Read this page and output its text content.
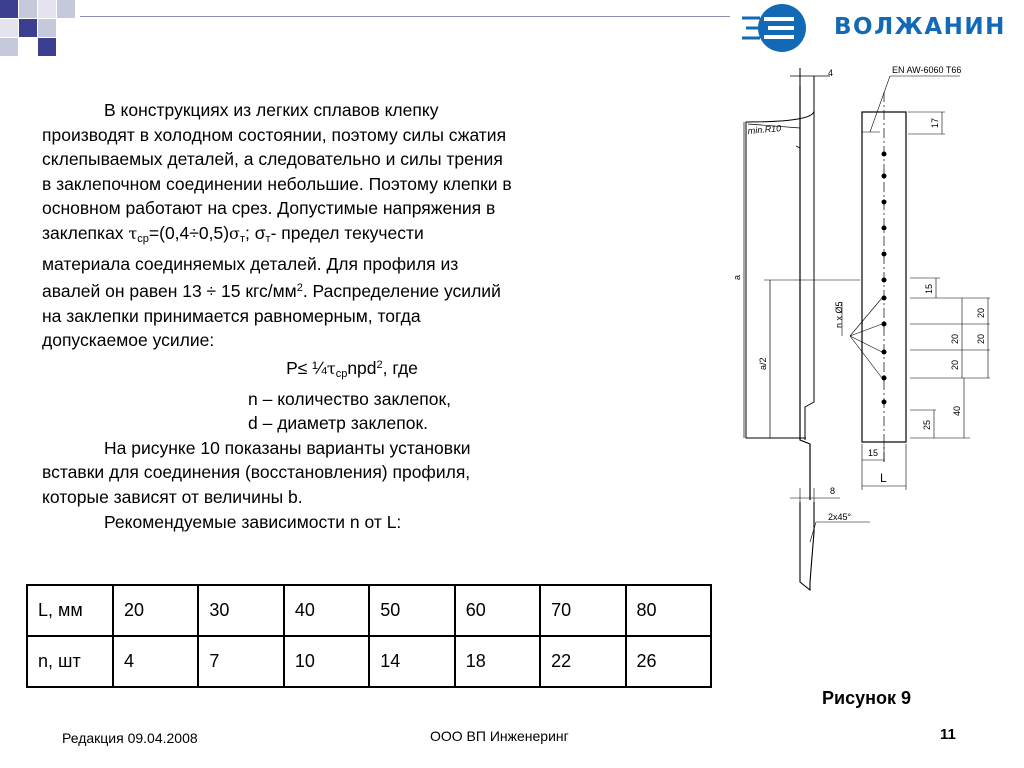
ВОЛЖАНИН

В конструкциях из легких сплавов клепку

производят в холодном состоянии, поэтому силы сжатия

склепываемых деталей, а следовательно и силы трения

в заклепочном соединении небольшие. Поэтому клепки в

основном работают на срез. Допустимые напряжения в

заклепках $\tau_{ср}=(0,4\div 0,5)\sigma_т$; $\sigma_т-$ предел текучести

материала соединяемых деталей. Для профиля из

авалей он равен 13 ÷ 15 кгс/$мм^2$. Распределение усилий

на заклепки принимается равномерным, тогда

допускаемое усилие:

$P\le \frac{1}{4}\tau_{ср}npd^2$, где

n – количество заклепок,

d – диаметр заклепок.

На рисунке 10 показаны варианты установки

вставки для соединения (восстановления) профиля,

которые зависят от величины b.

Рекомендуемые зависимости n от L:

L, мм	20	30	40	50	60	70	80
n, шт	4	7	10	14	18	22	26
4	EN AW-6060 T66
min.R10
17
a
a/2
n x Ø5
15
20
20 20
20
25
40
15
L
8
2x45°
Рисунок 9
Редакция 09.04.2008	ООО ВП Инженеринг	11
